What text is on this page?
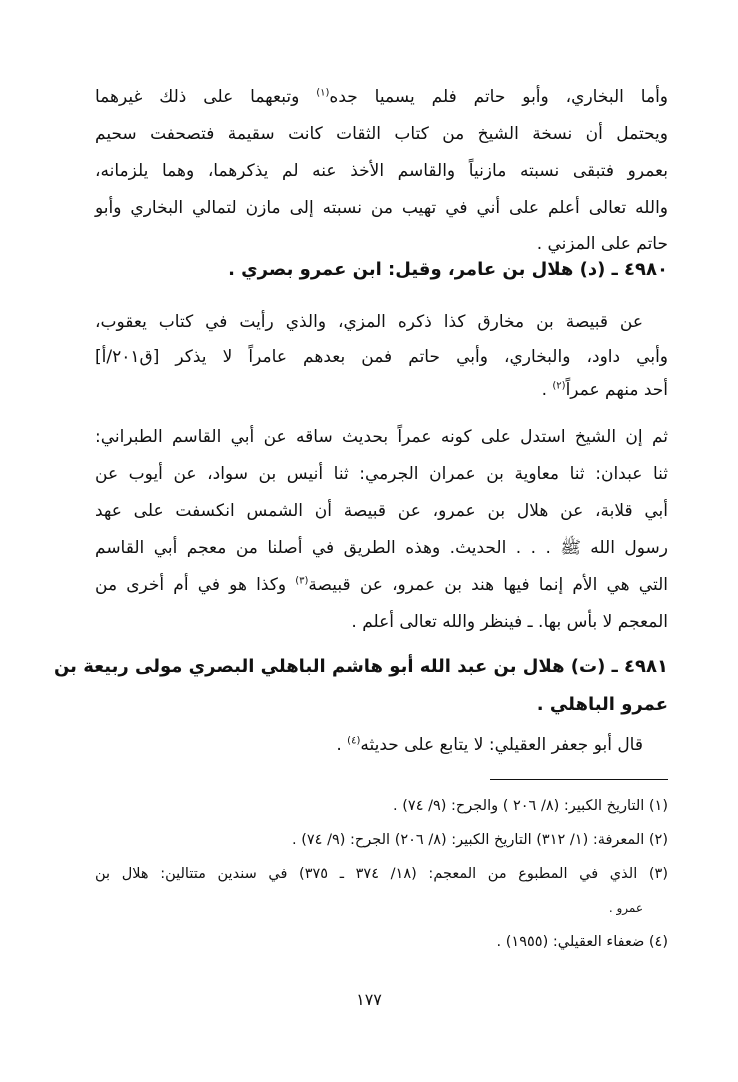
وأما البخاري، وأبو حاتم فلم يسميا جده$^{(١)}$ وتبعهما على ذلك غيرهما
ويحتمل أن نسخة الشيخ من كتاب الثقات كانت سقيمة فتصحفت سحيم
بعمرو فتبقى نسبته مازنياً والقاسم الأخذ عنه لم يذكرهما، وهما يلزمانه،
والله تعالى أعلم على أني في تهيب من نسبته إلى مازن لتمالي البخاري وأبو
حاتم على المزني .
٤٩٨٠ ـ (د) هلال بن عامر، وقيل: ابن عمرو بصري .
عن قبيصة بن مخارق كذا ذكره المزي، والذي رأيت في كتاب يعقوب،
وأبي داود، والبخاري، وأبي حاتم فمن بعدهم عامراً لا يذكر [ق٢٠١/أ]
أحد منهم عمراً$^{(٢)}$ .
ثم إن الشيخ استدل على كونه عمراً بحديث ساقه عن أبي القاسم الطبراني:
ثنا عبدان: ثنا معاوية بن عمران الجرمي: ثنا أنيس بن سواد، عن أيوب عن
أبي قلابة، عن هلال بن عمرو، عن قبيصة أن الشمس انكسفت على عهد
رسول الله ﷺ . . . الحديث. وهذه الطريق في أصلنا من معجم أبي القاسم
التي هي الأم إنما فيها هند بن عمرو، عن قبيصة$^{(٣)}$ وكذا هو في أم أخرى من
المعجم لا بأس بها. ـ فينظر والله تعالى أعلم .
٤٩٨١ ـ (ت) هلال بن عبد الله أبو هاشم الباهلي البصري مولى ربيعة بن
عمرو الباهلي .
قال أبو جعفر العقيلي: لا يتابع على حديثه$^{(٤)}$ .
(١) التاريخ الكبير: (٨/ ٢٠٦ ) والجرح: (٩/ ٧٤) .
(٢) المعرفة: (١/ ٣١٢) التاريخ الكبير: (٨/ ٢٠٦) الجرح: (٩/ ٧٤) .
(٣) الذي في المطبوع من المعجم: (١٨/ ٣٧٤ ـ ٣٧٥) في سندين متتالين: هلال بن
عمرو .
(٤) ضعفاء العقيلي: (١٩٥٥) .
١٧٧
